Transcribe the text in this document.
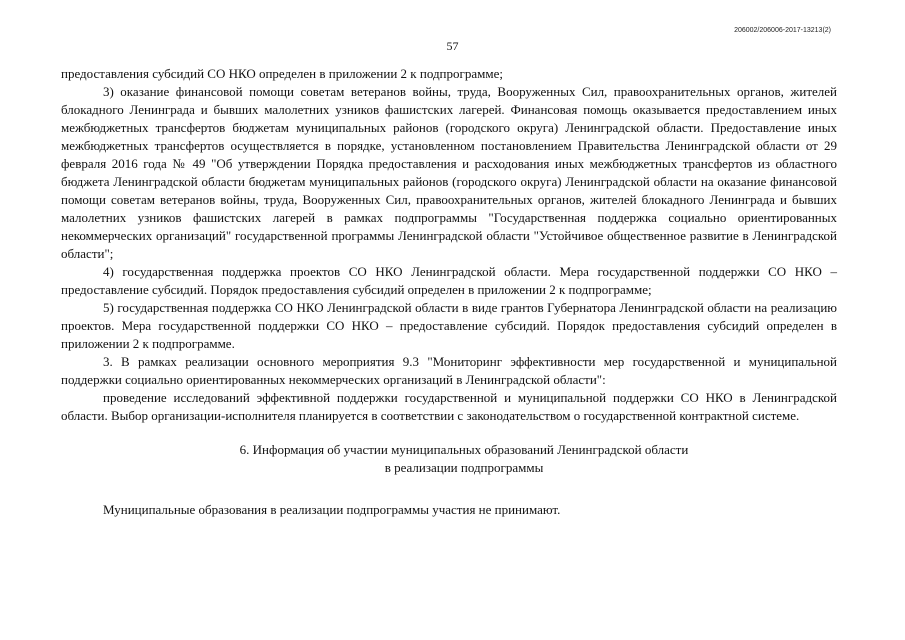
206002/206006-2017-13213(2)
57

предоставления субсидий СО НКО определен в приложении 2 к подпрограмме;

3) оказание финансовой помощи советам ветеранов войны, труда, Вооруженных Сил, правоохранительных органов, жителей блокадного Ленинграда и бывших малолетних узников фашистских лагерей. Финансовая помощь оказывается предоставлением иных межбюджетных трансфертов бюджетам муниципальных районов (городского округа) Ленинградской области. Предоставление иных межбюджетных трансфертов осуществляется в порядке, установленном постановлением Правительства Ленинградской области от 29 февраля 2016 года № 49 "Об утверждении Порядка предоставления и расходования иных межбюджетных трансфертов из областного бюджета Ленинградской области бюджетам муниципальных районов (городского округа) Ленинградской области на оказание финансовой помощи советам ветеранов войны, труда, Вооруженных Сил, правоохранительных органов, жителей блокадного Ленинграда и бывших малолетних узников фашистских лагерей в рамках подпрограммы "Государственная поддержка социально ориентированных некоммерческих организаций" государственной программы Ленинградской области "Устойчивое общественное развитие в Ленинградской области";

4) государственная поддержка проектов СО НКО Ленинградской области. Мера государственной поддержки СО НКО – предоставление субсидий. Порядок предоставления субсидий определен в приложении 2 к подпрограмме;

5) государственная поддержка СО НКО Ленинградской области в виде грантов Губернатора Ленинградской области на реализацию проектов. Мера государственной поддержки СО НКО – предоставление субсидий. Порядок предоставления субсидий определен в приложении 2 к подпрограмме.

3. В рамках реализации основного мероприятия 9.3 "Мониторинг эффективности мер государственной и муниципальной поддержки социально ориентированных некоммерческих организаций в Ленинградской области":

проведение исследований эффективной поддержки государственной и муниципальной поддержки СО НКО в Ленинградской области. Выбор организации-исполнителя планируется в соответствии с законодательством о государственной контрактной системе.

6. Информация об участии муниципальных образований Ленинградской области
в реализации подпрограммы

Муниципальные образования в реализации подпрограммы участия не принимают.
